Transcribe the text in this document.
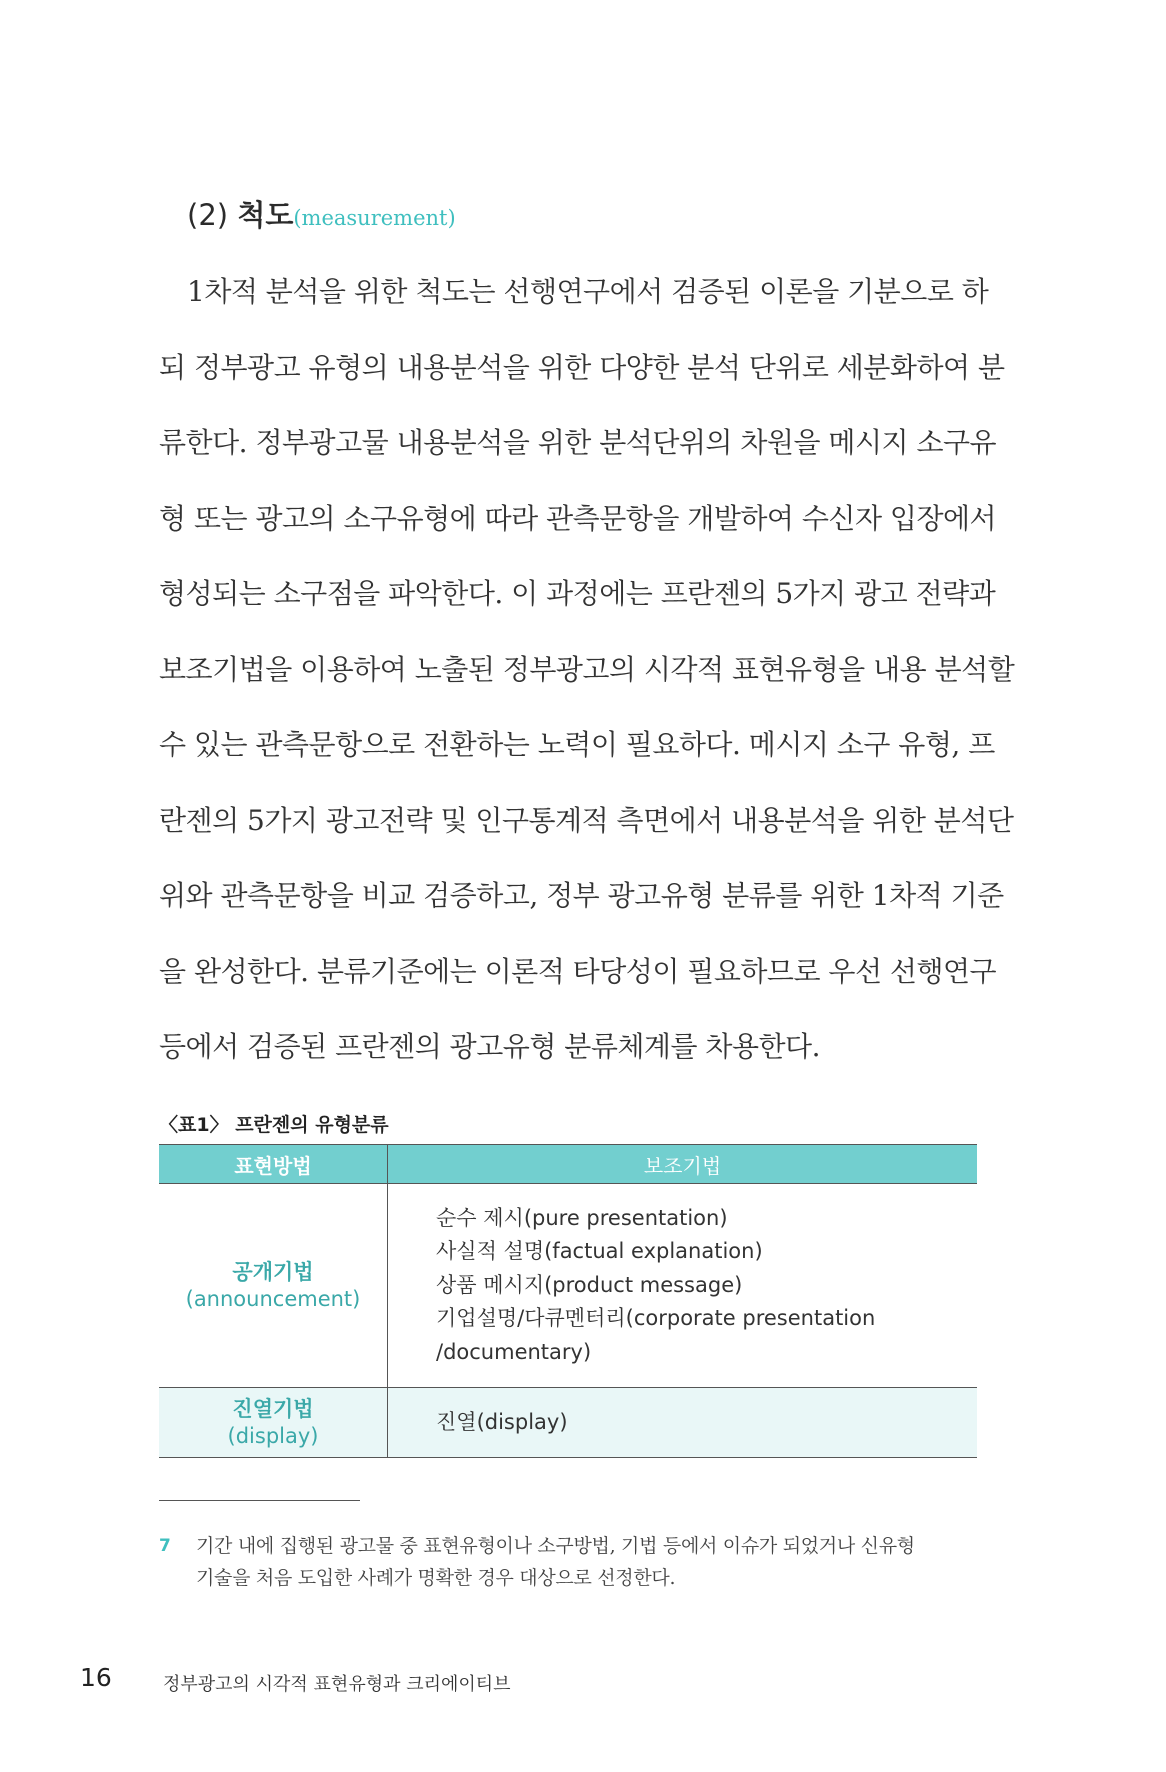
(2) 척도(measurement)
1차적 분석을 위한 척도는 선행연구에서 검증된 이론을 기분으로 하
되 정부광고 유형의 내용분석을 위한 다양한 분석 단위로 세분화하여 분
류한다. 정부광고물 내용분석을 위한 분석단위의 차원을 메시지 소구유
형 또는 광고의 소구유형에 따라 관측문항을 개발하여 수신자 입장에서
형성되는 소구점을 파악한다. 이 과정에는 프란젠의 5가지 광고 전략과
보조기법을 이용하여 노출된 정부광고의 시각적 표현유형을 내용 분석할
수 있는 관측문항으로 전환하는 노력이 필요하다. 메시지 소구 유형, 프
란젠의 5가지 광고전략 및 인구통계적 측면에서 내용분석을 위한 분석단
위와 관측문항을 비교 검증하고, 정부 광고유형 분류를 위한 1차적 기준
을 완성한다. 분류기준에는 이론적 타당성이 필요하므로 우선 선행연구
등에서 검증된 프란젠의 광고유형 분류체계를 차용한다.
〈표1〉 프란젠의 유형분류
표현방법	보조기법

공개기법
(announcement)	순수 제시(pure presentation)
사실적 설명(factual explanation)
상품 메시지(product message)
기업설명/다큐멘터리(corporate presentation
/documentary)

진열기법
(display)	진열(display)
7	기간 내에 집행된 광고물 중 표현유형이나 소구방법, 기법 등에서 이슈가 되었거나 신유형
기술을 처음 도입한 사례가 명확한 경우 대상으로 선정한다.
16	정부광고의 시각적 표현유형과 크리에이티브
